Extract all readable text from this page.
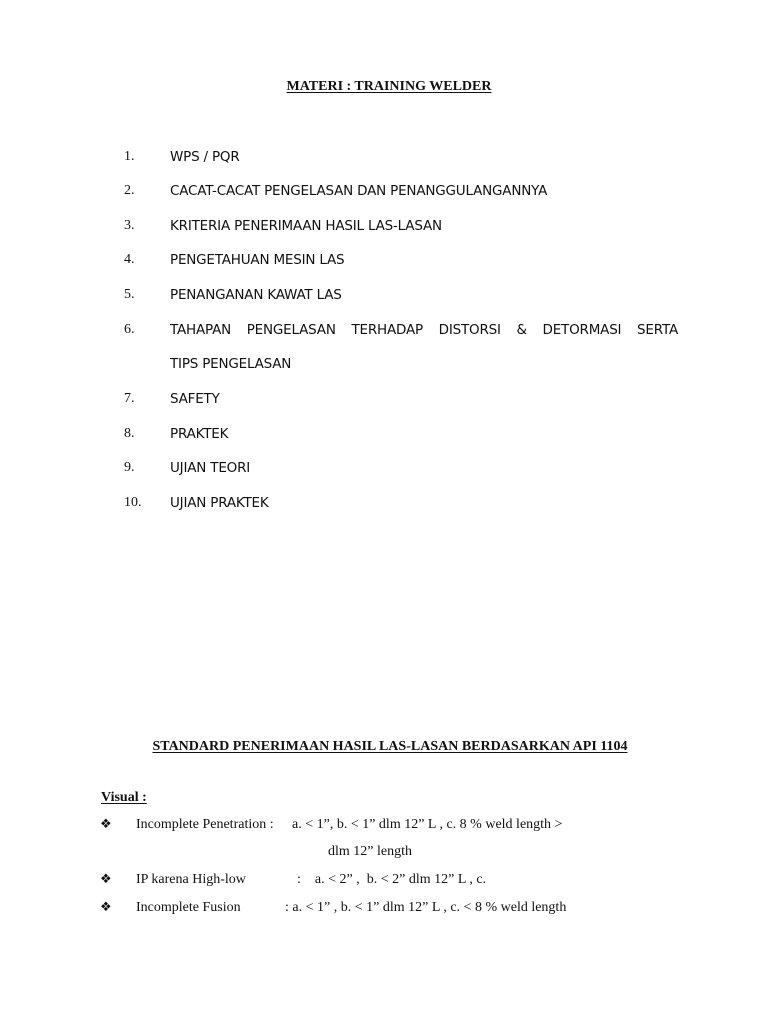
MATERI : TRAINING WELDER
1.	WPS / PQR
2.	CACAT-CACAT PENGELASAN DAN PENANGGULANGANNYA
3.	KRITERIA PENERIMAAN HASIL LAS-LASAN
4.	PENGETAHUAN MESIN LAS
5.	PENANGANAN KAWAT LAS
6.	TAHAPAN PENGELASAN TERHADAP DISTORSI & DETORMASI SERTA
TIPS PENGELASAN
7.	SAFETY
8.	PRAKTEK
9.	UJIAN TEORI
10. UJIAN PRAKTEK
STANDARD PENERIMAAN HASIL LAS-LASAN BERDASARKAN API 1104
Visual :
❖ Incomplete Penetration : a. < 1”, b. < 1” dlm 12” L , c. 8 % weld length >
dlm 12” length
❖ IP karena High-low	:    a. < 2” ,  b. < 2” dlm 12” L , c.
❖ Incomplete Fusion	: a. < 1” , b. < 1” dlm 12” L , c. < 8 % weld length
